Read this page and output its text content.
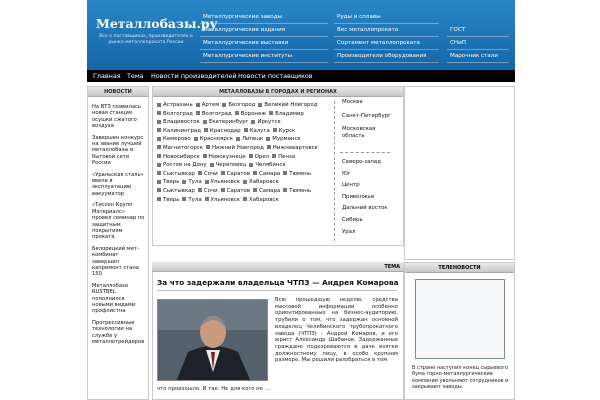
Металлобазы.ру
Все о поставщиках, производителях и рынке металлопроката России
Металлургические заводы
Металлургические издания
Металлургические выставки
Металлургические институты
Руды и сплавы
Вес металлопроката
Сортамент металлопроката
Производители оборудования
ГОСТ
СНиП
Марочник стали
Главная Тема Новости производителей Новости поставщиков
НОВОСТИ
На ВТЗ появилась новая станция осушки сжатого воздуха
Завершен конкурс на звание лучшей металлобазы и бытовой сети России
«Уральская сталь» ввела в эксплуатацию вакууматор
«Тиссен Крупп Материалс» провел семинар по защитным покрытиям проката
Белорецкий мет-комбинат завершил капремонт стана 150
Металлобаза RUSTBEL пополнился новыми видами профлистна
Прогрессивные технологии на службе у металлотрейдеров
МЕТАЛЛОБАЗЫ В ГОРОДАХ И РЕГИОНАХ
Астрахань Артем Белгород Великий Новгород
Волгоград Волгоград Воронеж Владимир
Владивосток Екатеринбург Иркутск
Калининград Краснодар Калуга Курск
Кемерово Красноярск Липецк Мурманск
Магнитогорск Нижний Новгород Нижневартовск
Новосибирск Новокузнецк Орел Пенза
Ростов на Дону Череповец Челябинск
Сыктывкар Сочи Саратов Самара Тюмень
Тверь Тула Ульяновск Хабаровск
Сыктывкар Сочи Саратов Самара Тюмень
Тверь Тула Ульяновск Хабаровск
Москва
Санкт-Петербург
Московская область
Северо-запад
Юг
Центр
Приволжье
Дальний восток
Сибирь
Урал
ТЕМА
За что задержали владельца ЧТПЗ — Андрея Комарова
Всю прошедшую неделю, средства массовой информации особенно ориентированные на бизнес-аудиторию, трубили о том, что задержан основной владелец Челябинского трубопрокатного завода (ЧТПЗ) - Андрей Комаров, и его юрист Александр Шабанов. Задержанные граждане подозреваются в даче взятки должностному лицу, в особо крупном размере. Мы решили разобраться в том
что произошло. И так: Не для кого не ...
ТЕЛЕНОВОСТИ
В стране наступил конец сырьевого бума горно-металлургические компании увольняют сотрудников и закрывают заводы.
